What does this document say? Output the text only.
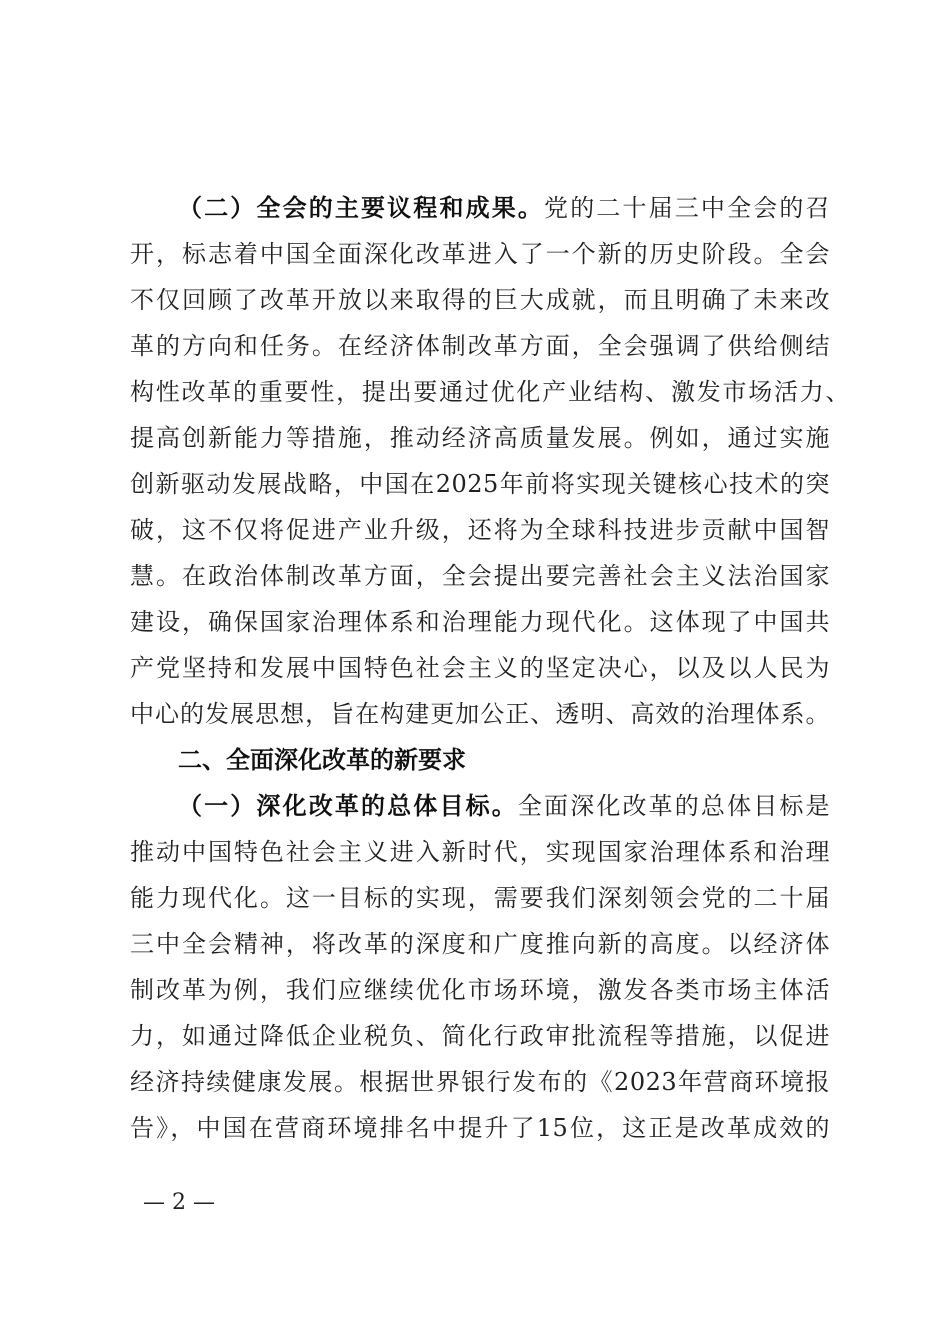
（二）全会的主要议程和成果。党的二十届三中全会的召
开，标志着中国全面深化改革进入了一个新的历史阶段。全会
不仅回顾了改革开放以来取得的巨大成就，而且明确了未来改
革的方向和任务。在经济体制改革方面，全会强调了供给侧结
构性改革的重要性，提出要通过优化产业结构、激发市场活力、
提高创新能力等措施，推动经济高质量发展。例如，通过实施
创新驱动发展战略，中国在2025年前将实现关键核心技术的突
破，这不仅将促进产业升级，还将为全球科技进步贡献中国智
慧。在政治体制改革方面，全会提出要完善社会主义法治国家
建设，确保国家治理体系和治理能力现代化。这体现了中国共
产党坚持和发展中国特色社会主义的坚定决心，以及以人民为
中心的发展思想，旨在构建更加公正、透明、高效的治理体系。
二、全面深化改革的新要求
（一）深化改革的总体目标。全面深化改革的总体目标是
推动中国特色社会主义进入新时代，实现国家治理体系和治理
能力现代化。这一目标的实现，需要我们深刻领会党的二十届
三中全会精神，将改革的深度和广度推向新的高度。以经济体
制改革为例，我们应继续优化市场环境，激发各类市场主体活
力，如通过降低企业税负、简化行政审批流程等措施，以促进
经济持续健康发展。根据世界银行发布的《2023年营商环境报
告》，中国在营商环境排名中提升了15位，这正是改革成效的
— 2 —
